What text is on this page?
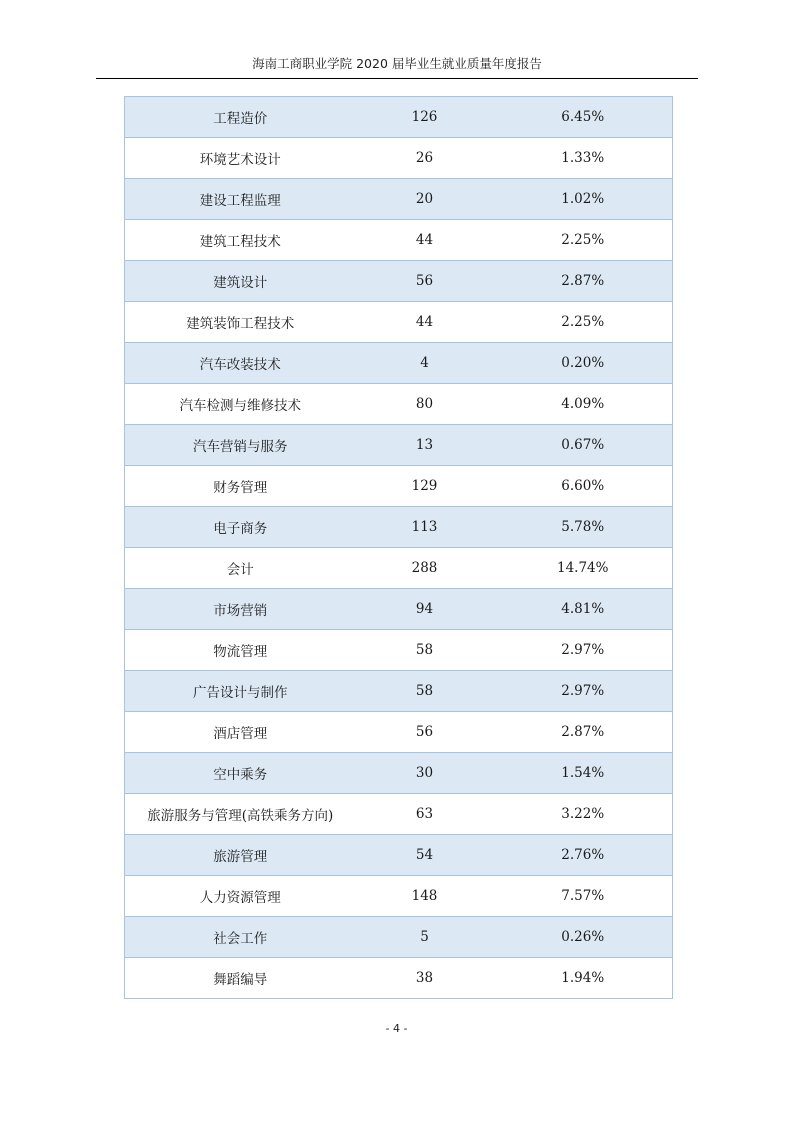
海南工商职业学院 2020 届毕业生就业质量年度报告
工程造价	126	6.45%
环境艺术设计	26	1.33%
建设工程监理	20	1.02%
建筑工程技术	44	2.25%
建筑设计	56	2.87%
建筑装饰工程技术	44	2.25%
汽车改装技术	4	0.20%
汽车检测与维修技术	80	4.09%
汽车营销与服务	13	0.67%
财务管理	129	6.60%
电子商务	113	5.78%
会计	288	14.74%
市场营销	94	4.81%
物流管理	58	2.97%
广告设计与制作	58	2.97%
酒店管理	56	2.87%
空中乘务	30	1.54%
旅游服务与管理(高铁乘务方向)	63	3.22%
旅游管理	54	2.76%
人力资源管理	148	7.57%
社会工作	5	0.26%
舞蹈编导	38	1.94%
- 4 -
